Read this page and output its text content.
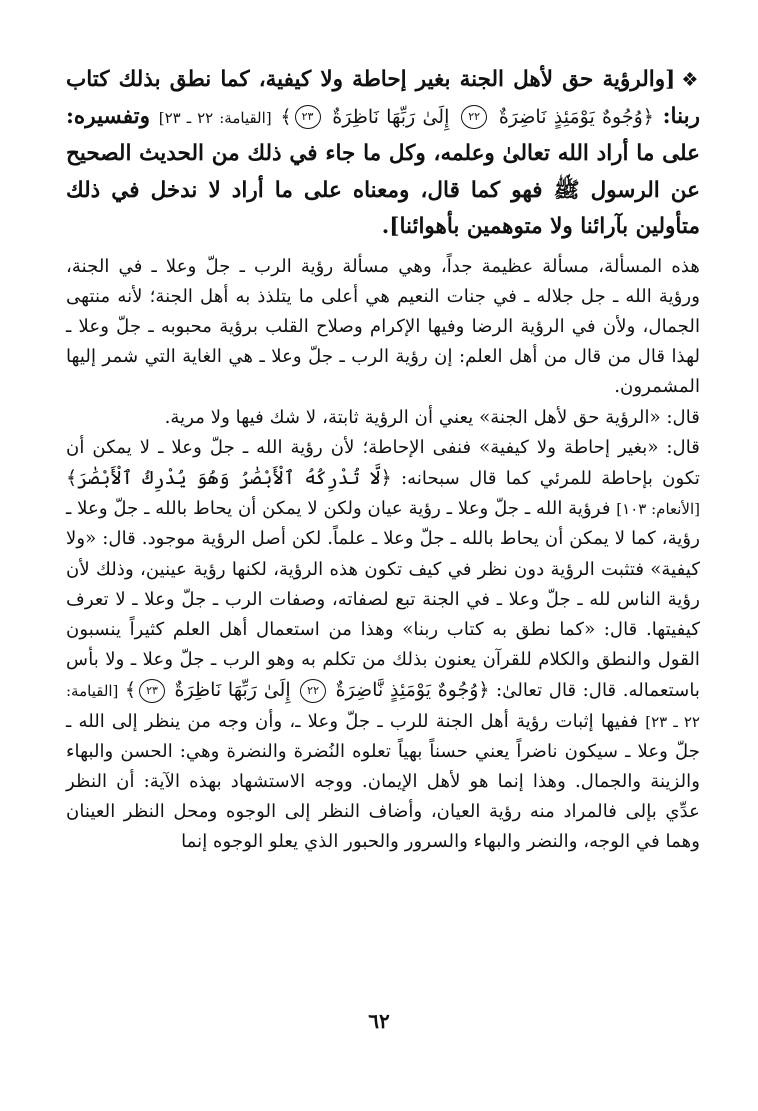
❖[والرؤية حق لأهل الجنة بغير إحاطة ولا كيفية، كما نطق بذلك كتاب ربنا: ﴿وُجُوهٌ يَوْمَئِذٍ نَاضِرَةٌ ٢٢ إِلَىٰ رَبِّهَا نَاظِرَةٌ ٢٣﴾ [القيامة: ٢٢ ـ ٢٣] وتفسيره: على ما أراد الله تعالىٰ وعلمه، وكل ما جاء في ذلك من الحديث الصحيح عن الرسول ﷺ فهو كما قال، ومعناه على ما أراد لا ندخل في ذلك متأولين بآرائنا ولا متوهمين بأهوائنا].

هذه المسألة، مسألة عظيمة جداً، وهي مسألة رؤية الرب ـ جلّ وعلا ـ في الجنة، ورؤية الله ـ جل جلاله ـ في جنات النعيم هي أعلى ما يتلذذ به أهل الجنة؛ لأنه منتهى الجمال، ولأن في الرؤية الرضا وفيها الإكرام وصلاح القلب برؤية محبوبه ـ جلّ وعلا ـ لهذا قال من قال من أهل العلم: إن رؤية الرب ـ جلّ وعلا ـ هي الغاية التي شمر إليها المشمرون.

قال: «الرؤية حق لأهل الجنة» يعني أن الرؤية ثابتة، لا شك فيها ولا مرية.

قال: «بغير إحاطة ولا كيفية» فنفى الإحاطة؛ لأن رؤية الله ـ جلّ وعلا ـ لا يمكن أن تكون بإحاطة للمرئي كما قال سبحانه: ﴿لَّا تُدْرِكُهُ ٱلْأَبْصَٰرُ وَهُوَ يُدْرِكُ ٱلْأَبْصَٰرَ﴾ [الأنعام: ١٠٣] فرؤية الله ـ جلّ وعلا ـ رؤية عيان ولكن لا يمكن أن يحاط بالله ـ جلّ وعلا ـ رؤية، كما لا يمكن أن يحاط بالله ـ جلّ وعلا ـ علماً. لكن أصل الرؤية موجود. قال: «ولا كيفية» فتثبت الرؤية دون نظر في كيف تكون هذه الرؤية، لكنها رؤية عينين، وذلك لأن رؤية الناس لله ـ جلّ وعلا ـ في الجنة تبع لصفاته، وصفات الرب ـ جلّ وعلا ـ لا تعرف كيفيتها. قال: «كما نطق به كتاب ربنا» وهذا من استعمال أهل العلم كثيراً ينسبون القول والنطق والكلام للقرآن يعنون بذلك من تكلم به وهو الرب ـ جلّ وعلا ـ ولا بأس باستعماله. قال: قال تعالىٰ: ﴿وُجُوهٌ يَوْمَئِذٍ نَّاضِرَةٌ ٢٢ إِلَىٰ رَبِّهَا نَاظِرَةٌ ٢٣﴾ [القيامة: ٢٢ ـ ٢٣] ففيها إثبات رؤية أهل الجنة للرب ـ جلّ وعلا ـ، وأن وجه من ينظر إلى الله ـ جلّ وعلا ـ سيكون ناضراً يعني حسناً بهياً تعلوه النُضرة والنضرة وهي: الحسن والبهاء والزينة والجمال. وهذا إنما هو لأهل الإيمان. ووجه الاستشهاد بهذه الآية: أن النظر عدِّي بإلى فالمراد منه رؤية العيان، وأضاف النظر إلى الوجوه ومحل النظر العينان وهما في الوجه، والنضر والبهاء والسرور والحبور الذي يعلو الوجوه إنما

٦٢
